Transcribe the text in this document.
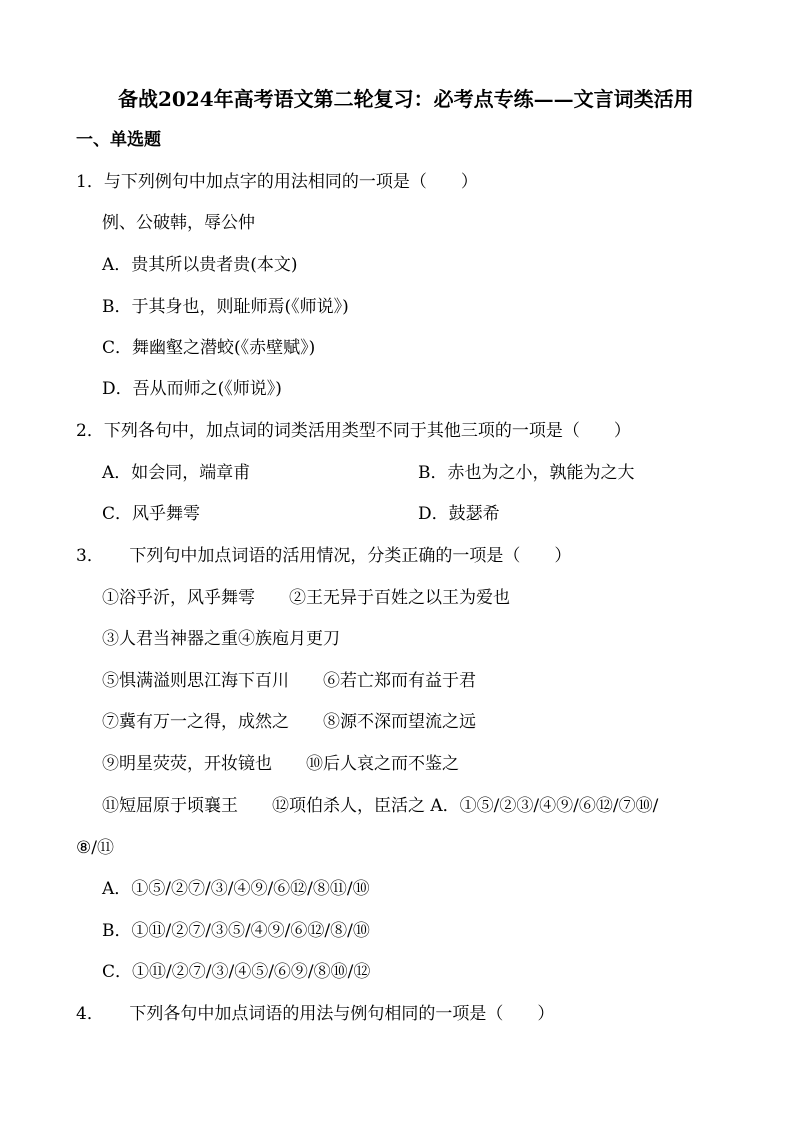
备战2024年高考语文第二轮复习：必考点专练——文言词类活用
一、单选题
1．与下列例句中加点字的用法相同的一项是（　　）
例、公破韩，辱公仲
A．贵其所以贵者贵(本文)
B．于其身也，则耻师焉(《师说》)
C．舞幽壑之潜蛟(《赤壁赋》)
D．吾从而师之(《师说》)
2．下列各句中，加点词的词类活用类型不同于其他三项的一项是（　　）
A．如会同，端章甫	B．赤也为之小，孰能为之大
C．风乎舞雩	D．鼓瑟希
3．　　下列句中加点词语的活用情况，分类正确的一项是（　　）
①浴乎沂，风乎舞雩　　②王无异于百姓之以王为爱也
③人君当神器之重④族庖月更刀
⑤惧满溢则思江海下百川　　⑥若亡郑而有益于君
⑦冀有万一之得，成然之　　⑧源不深而望流之远
⑨明星荧荧，开妆镜也　　⑩后人哀之而不鉴之
⑪短屈原于顷襄王　　⑫项伯杀人，臣活之 A．①⑤/②③/④⑨/⑥⑫/⑦⑩/
⑧/⑪
A．①⑤/②⑦/③/④⑨/⑥⑫/⑧⑪/⑩
B．①⑪/②⑦/③⑤/④⑨/⑥⑫/⑧/⑩
C．①⑪/②⑦/③/④⑤/⑥⑨/⑧⑩/⑫
4．　　下列各句中加点词语的用法与例句相同的一项是（　　）
